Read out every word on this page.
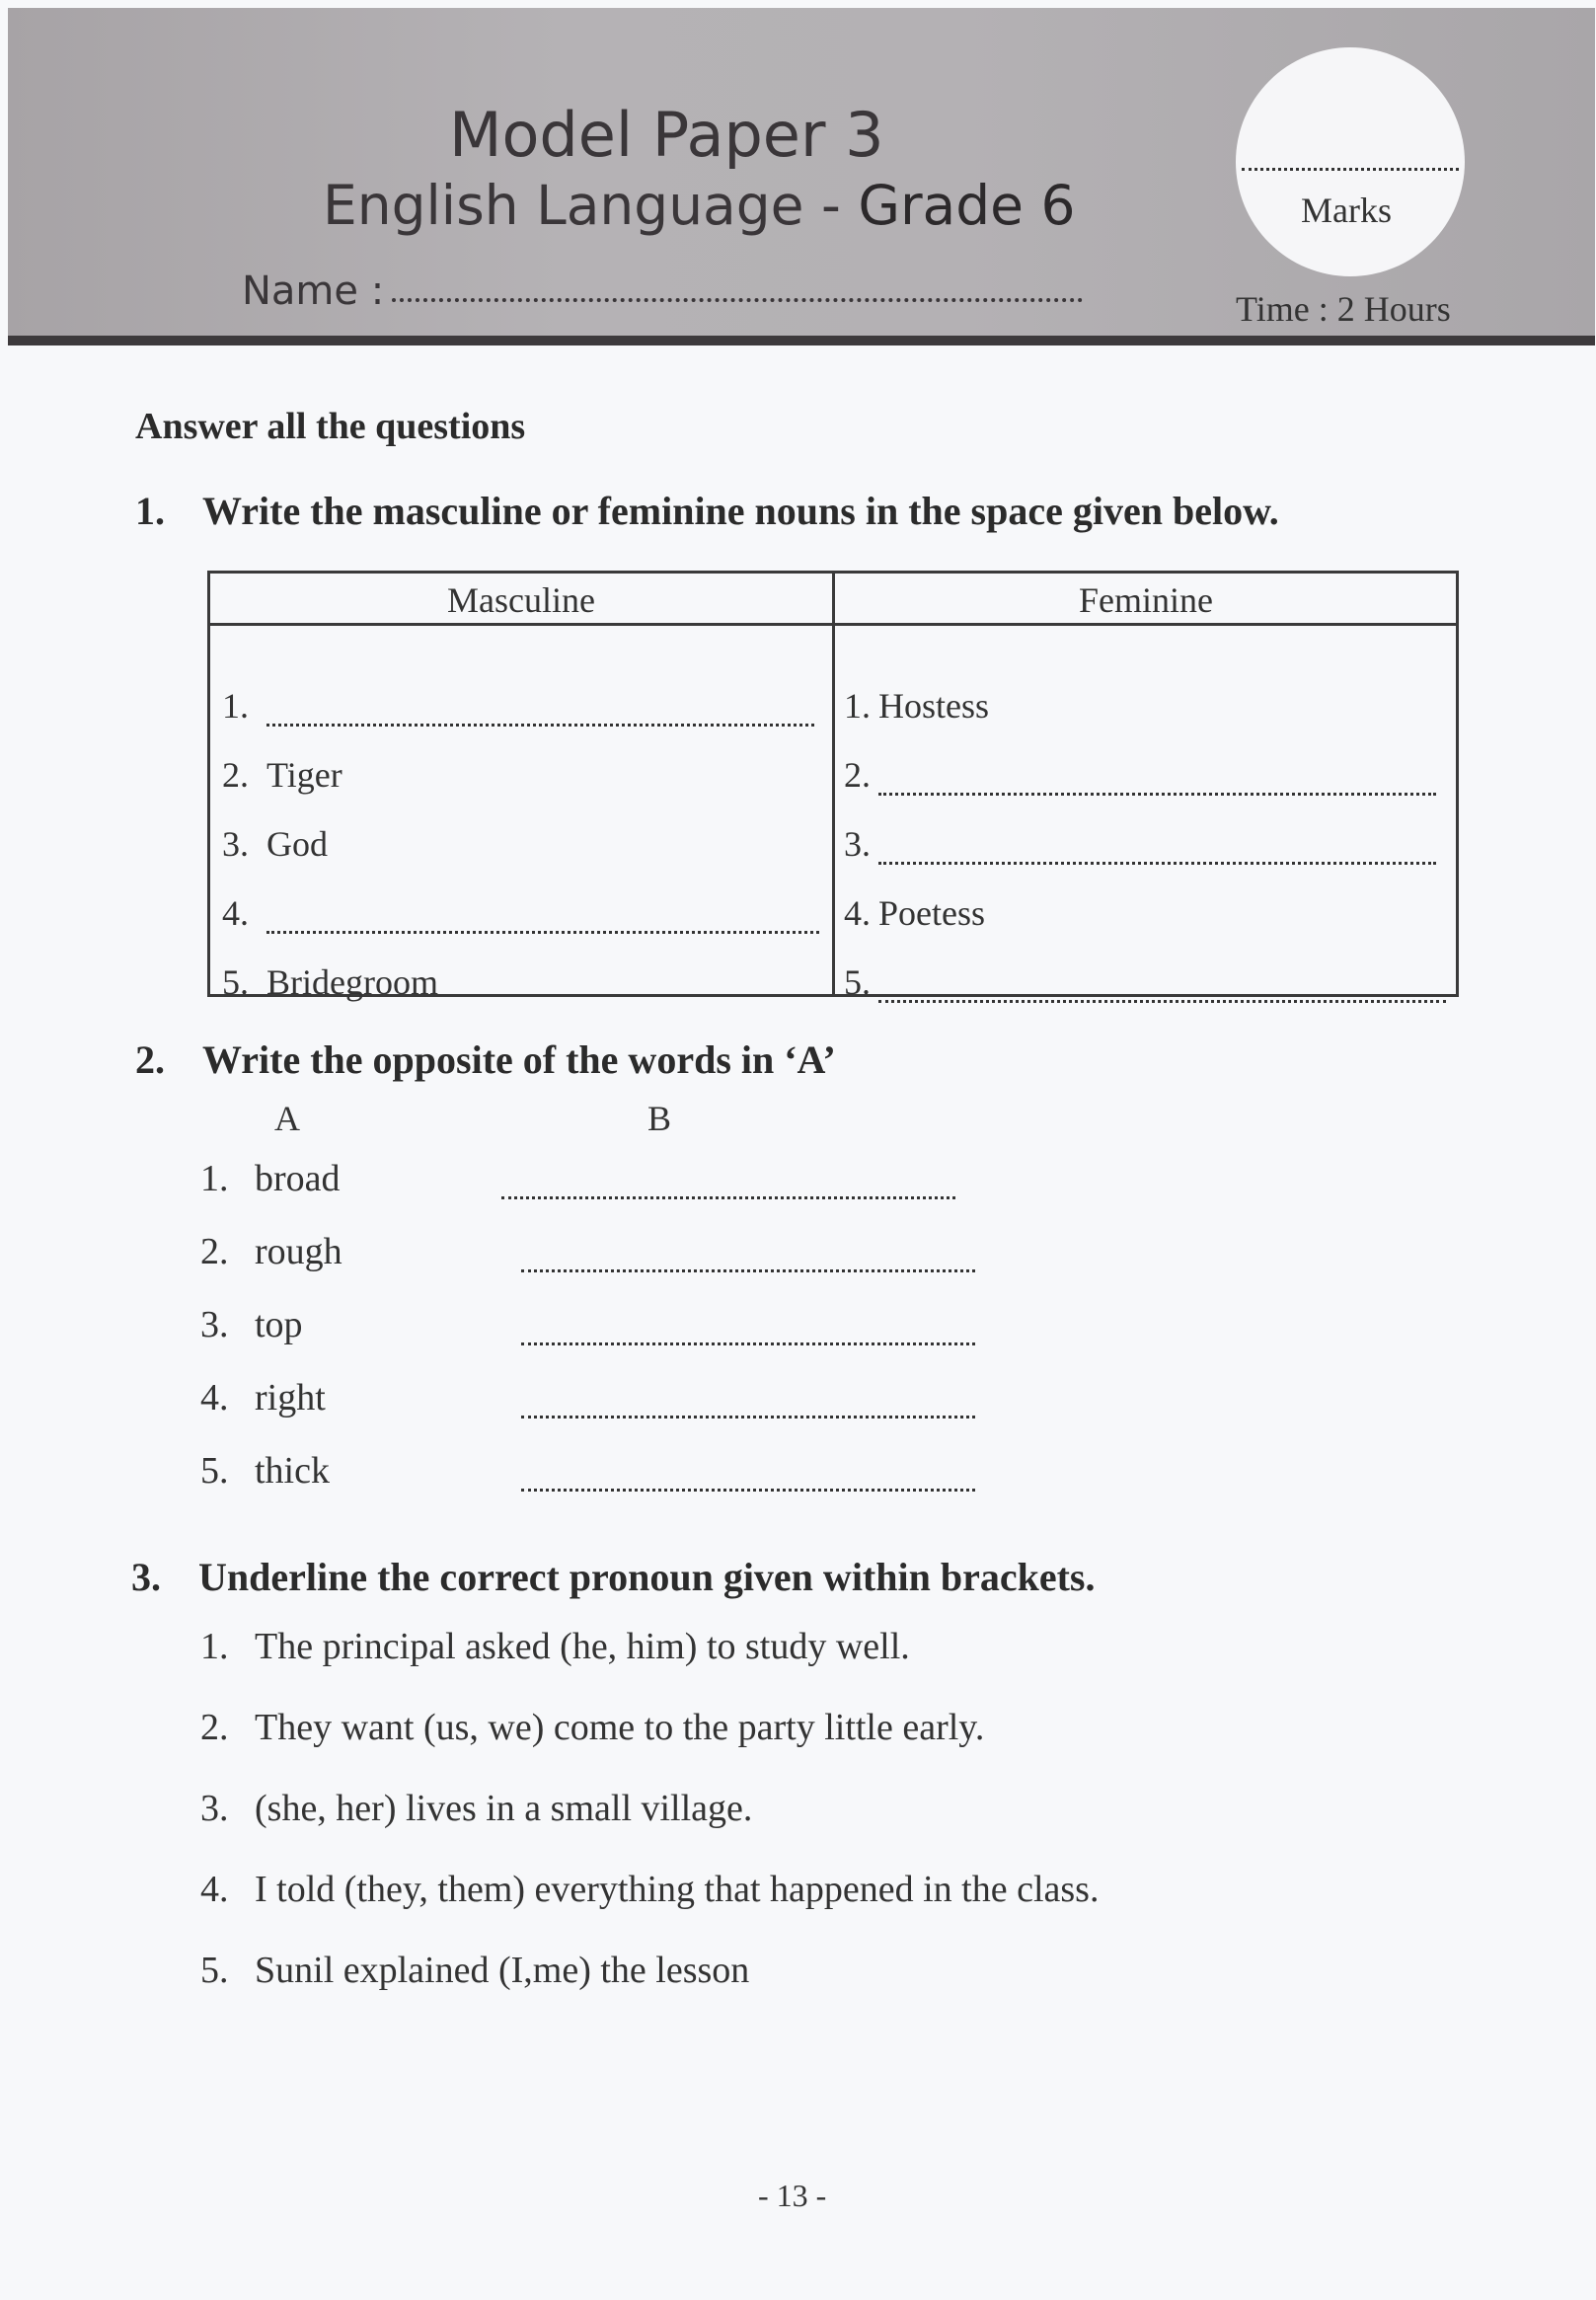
Model Paper 3
English Language - Grade 6
Name :
Marks
Time : 2 Hours
Answer all the questions
1. Write the masculine or feminine nouns in the space given below.
Masculine	Feminine
1.
2. Tiger
3. God
4.
5. Bridegroom
1. Hostess
2.
3.
4. Poetess
5.
2. Write the opposite of the words in ‘A’
A	B
1. broad
2. rough
3. top
4. right
5. thick
3. Underline the correct pronoun given within brackets.
1. The principal asked (he, him) to study well.
2. They want (us, we) come to the party little early.
3. (she, her) lives in a small village.
4. I told (they, them) everything that happened in the class.
5. Sunil explained (I,me) the lesson
- 13 -
